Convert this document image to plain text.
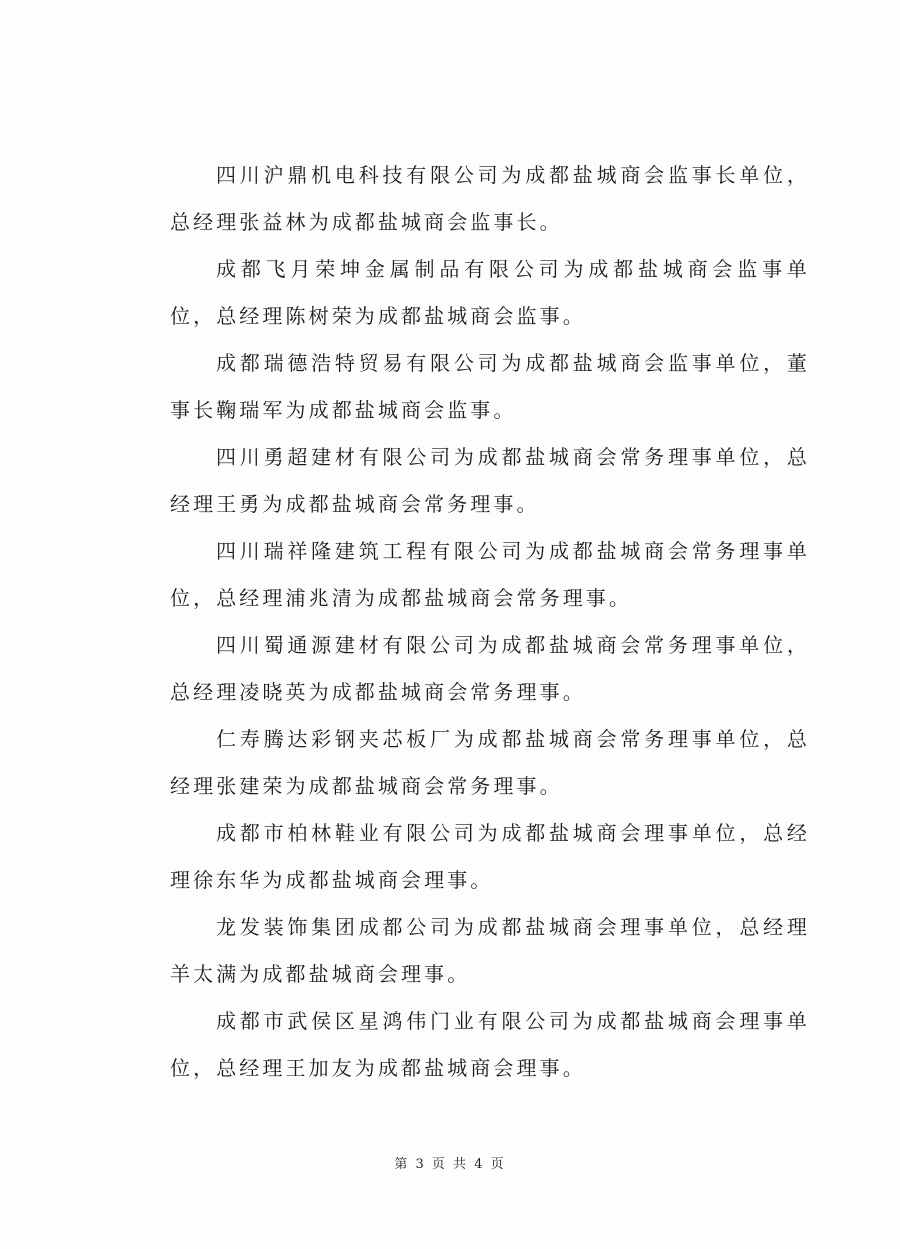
四川沪鼎机电科技有限公司为成都盐城商会监事长单位，总经理张益林为成都盐城商会监事长。

成都飞月荣坤金属制品有限公司为成都盐城商会监事单位，总经理陈树荣为成都盐城商会监事。

成都瑞德浩特贸易有限公司为成都盐城商会监事单位，董事长鞠瑞军为成都盐城商会监事。

四川勇超建材有限公司为成都盐城商会常务理事单位，总经理王勇为成都盐城商会常务理事。

四川瑞祥隆建筑工程有限公司为成都盐城商会常务理事单位，总经理浦兆清为成都盐城商会常务理事。

四川蜀通源建材有限公司为成都盐城商会常务理事单位，总经理凌晓英为成都盐城商会常务理事。

仁寿腾达彩钢夹芯板厂为成都盐城商会常务理事单位，总经理张建荣为成都盐城商会常务理事。

成都市柏林鞋业有限公司为成都盐城商会理事单位，总经理徐东华为成都盐城商会理事。

龙发装饰集团成都公司为成都盐城商会理事单位，总经理羊太满为成都盐城商会理事。

成都市武侯区星鸿伟门业有限公司为成都盐城商会理事单位，总经理王加友为成都盐城商会理事。

第 3 页 共 4 页
